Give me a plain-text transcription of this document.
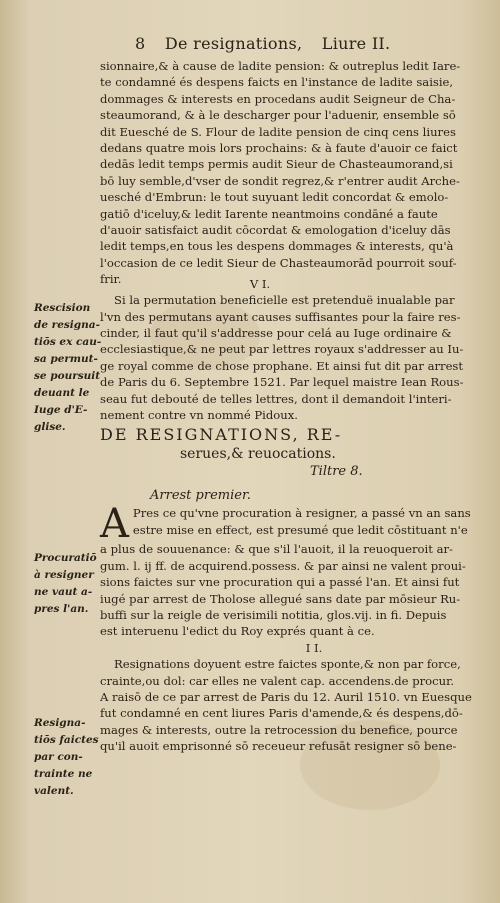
8 De resignations, Liure II.
Rescision
de resigna-
tiōs ex cau-
sa permut-
se poursuit
deuant le
Iuge d'E-
glise.
Procuratiō
à resigner
ne vaut a-
pres l'an.
Resigna-
tiōs faictes
par con-
trainte ne
valent.
sionnaire,& à cause de ladite pension: & outreplus ledit Iare-
te condamné és despens faicts en l'instance de ladite saisie,
dommages & interests en procedans audit Seigneur de Cha-
steaumorand, & à le descharger pour l'aduenir, ensemble sō
dit Euesché de S. Flour de ladite pension de cinq cens liures
dedans quatre mois lors prochains: & à faute d'auoir ce faict
dedās ledit temps permis audit Sieur de Chasteaumorand,si
bō luy semble,d'vser de sondit regrez,& r'entrer audit Arche-
uesché d'Embrun: le tout suyuant ledit concordat & emolo-
gatiō d'iceluy,& ledit Iarente neantmoins condāné a faute
d'auoir satisfaict audit cōcordat & emologation d'iceluy dās
ledit temps,en tous les despens dommages & interests, qu'à
l'occasion de ce ledit Sieur de Chasteaumorād pourroit souf-
frir.	V I.
Si la permutation beneficielle est pretenduë inualable par
l'vn des permutans ayant causes suffisantes pour la faire res-
cinder, il faut qu'il s'addresse pour celá au Iuge ordinaire &
ecclesiastique,& ne peut par lettres royaux s'addresser au Iu-
ge royal comme de chose prophane. Et ainsi fut dit par arrest
de Paris du 6. Septembre 1521. Par lequel maistre Iean Rous-
seau fut debouté de telles lettres, dont il demandoit l'interi-
nement contre vn nommé Pidoux.
DE RESIGNATIONS, RE-
serues,& reuocations.
Tiltre 8.
Arrest premier.
A Pres ce qu'vne procuration à resigner, a passé vn an sans
estre mise en effect, est presumé que ledit cōstituant n'e
a plus de souuenance: & que s'il l'auoit, il la reuoqueroit ar-
gum. l. ij ff. de acquirend.possess. & par ainsi ne valent proui-
sions faictes sur vne procuration qui a passé l'an. Et ainsi fut
iugé par arrest de Tholose allegué sans date par mōsieur Ru-
buffi sur la reigle de verisimili notitia, glos.vij. in fi. Depuis
est interuenu l'edict du Roy exprés quant à ce.
I I.
Resignations doyuent estre faictes sponte,& non par force,
crainte,ou dol: car elles ne valent cap. accendens.de procur.
A raisō de ce par arrest de Paris du 12. Auril 1510. vn Euesque
fut condamné en cent liures Paris d'amende,& és despens,dō-
mages & interests, outre la retrocession du benefice, pource
qu'il auoit emprisonné sō receueur refusāt resigner sō bene-
